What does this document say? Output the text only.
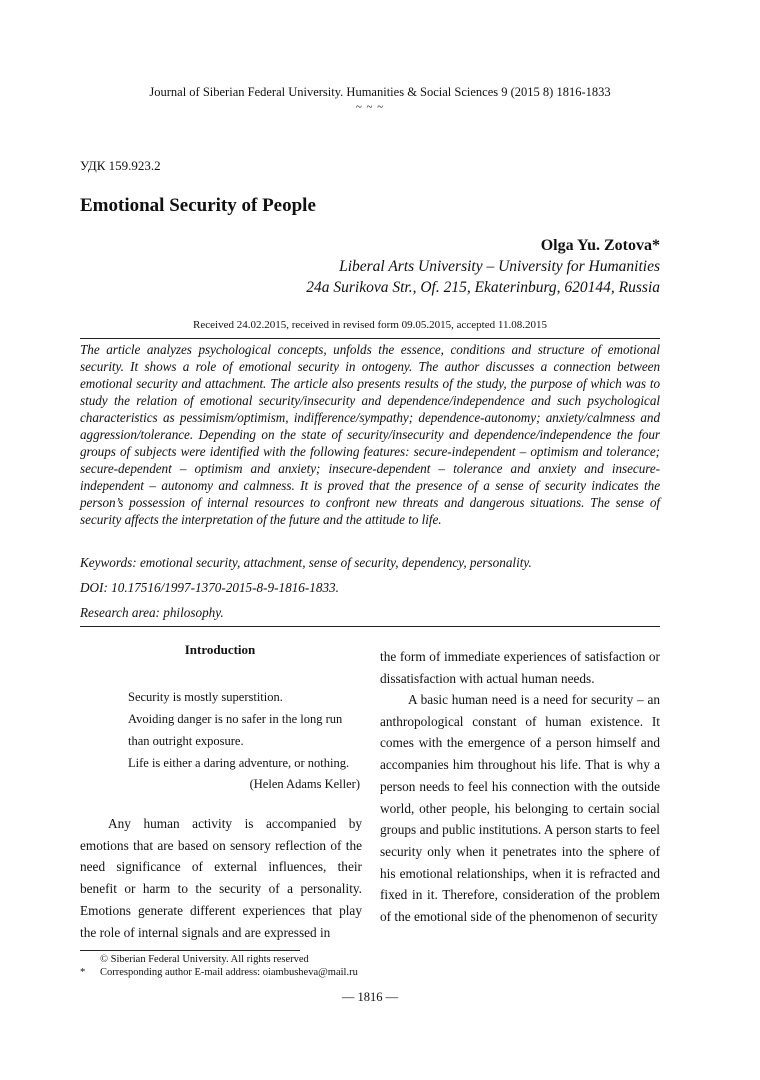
Journal of Siberian Federal University. Humanities & Social Sciences 9 (2015 8) 1816-1833
~ ~ ~
УДК 159.923.2
Emotional Security of People
Olga Yu. Zotova*
Liberal Arts University – University for Humanities
24a Surikova Str., Of. 215, Ekaterinburg, 620144, Russia
Received 24.02.2015, received in revised form 09.05.2015, accepted 11.08.2015

The article analyzes psychological concepts, unfolds the essence, conditions and structure of emotional security. It shows a role of emotional security in ontogeny. The author discusses a connection between emotional security and attachment. The article also presents results of the study, the purpose of which was to study the relation of emotional security/insecurity and dependence/independence and such psychological characteristics as pessimism/optimism, indifference/sympathy; dependence-autonomy; anxiety/calmness and aggression/tolerance. Depending on the state of security/insecurity and dependence/independence the four groups of subjects were identified with the following features: secure-independent – optimism and tolerance; secure-dependent – optimism and anxiety; insecure-dependent – tolerance and anxiety and insecure-independent – autonomy and calmness. It is proved that the presence of a sense of security indicates the person’s possession of internal resources to confront new threats and dangerous situations. The sense of security affects the interpretation of the future and the attitude to life.

Keywords: emotional security, attachment, sense of security, dependency, personality.
DOI: 10.17516/1997-1370-2015-8-9-1816-1833.
Research area: philosophy.
Introduction
Security is mostly superstition.
Avoiding danger is no safer in the long run
than outright exposure.
Life is either a daring adventure, or nothing.
(Helen Adams Keller)

Any human activity is accompanied by emotions that are based on sensory reflection of the need significance of external influences, their benefit or harm to the security of a personality. Emotions generate different experiences that play the role of internal signals and are expressed in

the form of immediate experiences of satisfaction or dissatisfaction with actual human needs.

A basic human need is a need for security – an anthropological constant of human existence. It comes with the emergence of a person himself and accompanies him throughout his life. That is why a person needs to feel his connection with the outside world, other people, his belonging to certain social groups and public institutions. A person starts to feel security only when it penetrates into the sphere of his emotional relationships, when it is refracted and fixed in it. Therefore, consideration of the problem of the emotional side of the phenomenon of security

© Siberian Federal University. All rights reserved
* Corresponding author E-mail address: oiambusheva@mail.ru
— 1816 —
